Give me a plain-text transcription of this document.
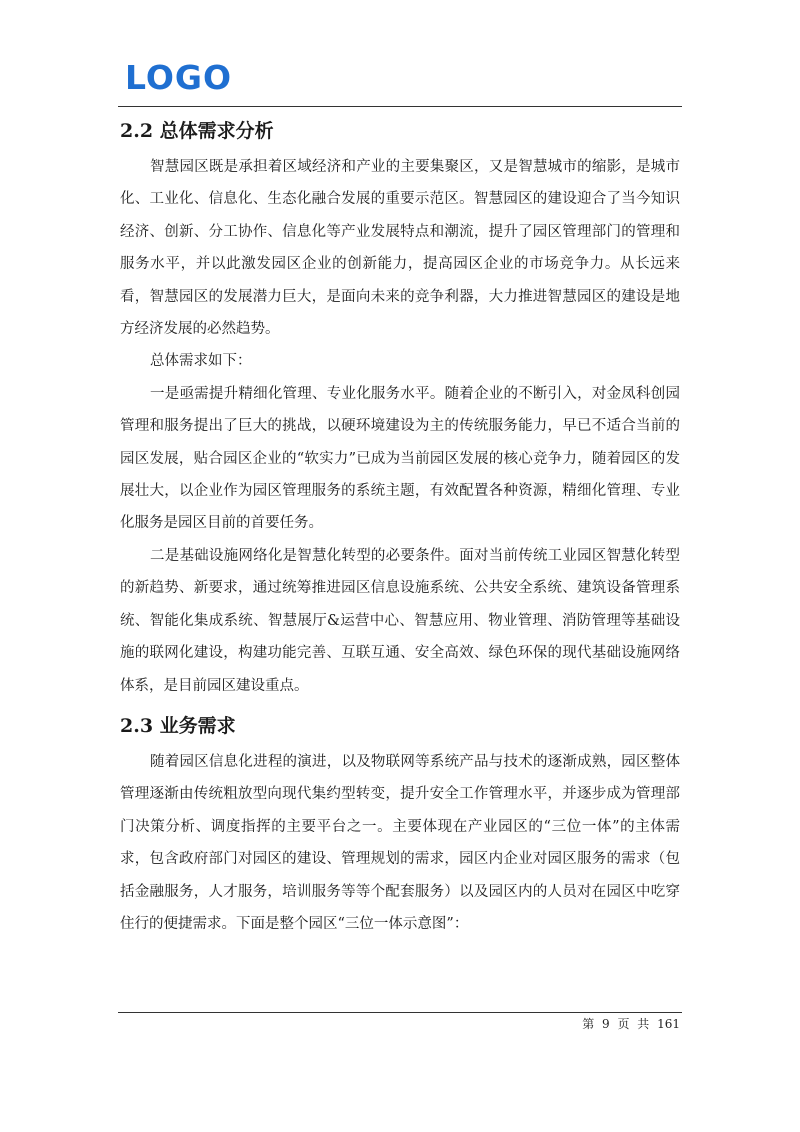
LOGO
2.2 总体需求分析

智慧园区既是承担着区域经济和产业的主要集聚区，又是智慧城市的缩影，是城市化、工业化、信息化、生态化融合发展的重要示范区。智慧园区的建设迎合了当今知识经济、创新、分工协作、信息化等产业发展特点和潮流，提升了园区管理部门的管理和服务水平，并以此激发园区企业的创新能力，提高园区企业的市场竞争力。从长远来看，智慧园区的发展潜力巨大，是面向未来的竞争利器，大力推进智慧园区的建设是地方经济发展的必然趋势。

总体需求如下：

一是亟需提升精细化管理、专业化服务水平。随着企业的不断引入，对金凤科创园管理和服务提出了巨大的挑战，以硬环境建设为主的传统服务能力，早已不适合当前的园区发展，贴合园区企业的“软实力”已成为当前园区发展的核心竞争力，随着园区的发展壮大，以企业作为园区管理服务的系统主题，有效配置各种资源，精细化管理、专业化服务是园区目前的首要任务。

二是基础设施网络化是智慧化转型的必要条件。面对当前传统工业园区智慧化转型的新趋势、新要求，通过统筹推进园区信息设施系统、公共安全系统、建筑设备管理系统、智能化集成系统、智慧展厅&运营中心、智慧应用、物业管理、消防管理等基础设施的联网化建设，构建功能完善、互联互通、安全高效、绿色环保的现代基础设施网络体系，是目前园区建设重点。

2.3 业务需求

随着园区信息化进程的演进，以及物联网等系统产品与技术的逐渐成熟，园区整体管理逐渐由传统粗放型向现代集约型转变，提升安全工作管理水平，并逐步成为管理部门决策分析、调度指挥的主要平台之一。主要体现在产业园区的“三位一体”的主体需求，包含政府部门对园区的建设、管理规划的需求，园区内企业对园区服务的需求（包括金融服务，人才服务，培训服务等等个配套服务）以及园区内的人员对在园区中吃穿住行的便捷需求。下面是整个园区“三位一体示意图”：

第 9 页 共 161
